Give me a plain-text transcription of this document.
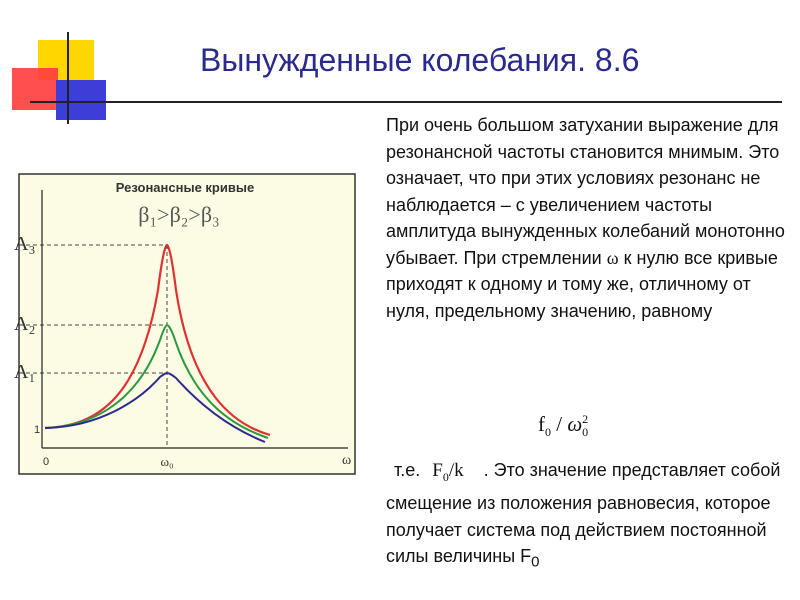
Вынужденные колебания. 8.6
При очень большом затухании выражение для резонансной частоты становится мнимым. Это означает, что при этих условиях резонанс не наблюдается – с увеличением частоты амплитуда вынужденных колебаний монотонно убывает. При стремлении ω к нулю все кривые приходят к одному и тому же, отличному от нуля, предельному значению, равному
$f_0 / \omega_0^2$
т.е. $F_0/k$ . Это значение представляет собой смещение из положения равновесия, которое получает система под действием постоянной силы величины $F_0$
Резонансные кривые
β₁>β₂>β₃
A₃
A₂
A₁
1
0	ω₀	ω
